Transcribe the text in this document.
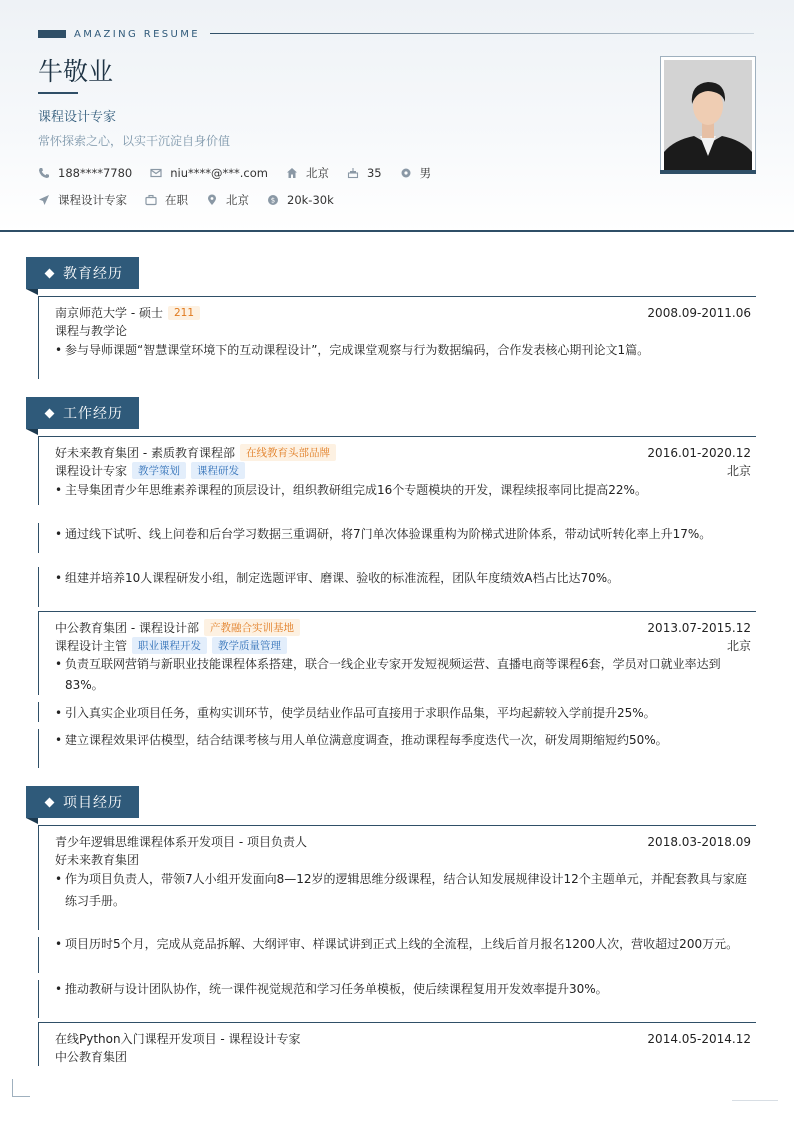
AMAZING RESUME
牛敬业
课程设计专家
常怀探索之心，以实干沉淀自身价值
188****7780	niu****@***.com	北京	35	男
课程设计专家	在职	北京	$ 20k-30k
教育经历
南京师范大学 - 硕士	211	2008.09-2011.06
课程与教学论
• 参与导师课题“智慧课堂环境下的互动课程设计”，完成课堂观察与行为数据编码，合作发表核心期刊论文1篇。
工作经历
好未来教育集团 - 素质教育课程部	在线教育头部品牌	2016.01-2020.12
课程设计专家	教学策划	课程研发	北京
• 主导集团青少年思维素养课程的顶层设计，组织教研组完成16个专题模块的开发，课程续报率同比提高22%。
• 通过线下试听、线上问卷和后台学习数据三重调研，将7门单次体验课重构为阶梯式进阶体系，带动试听转化率上升17%。
• 组建并培养10人课程研发小组，制定选题评审、磨课、验收的标准流程，团队年度绩效A档占比达70%。
中公教育集团 - 课程设计部	产教融合实训基地	2013.07-2015.12
课程设计主管	职业课程开发	教学质量管理	北京
• 负责互联网营销与新职业技能课程体系搭建，联合一线企业专家开发短视频运营、直播电商等课程6套，学员对口就业率达到
83%。
• 引入真实企业项目任务，重构实训环节，使学员结业作品可直接用于求职作品集，平均起薪较入学前提升25%。
• 建立课程效果评估模型，结合结课考核与用人单位满意度调查，推动课程每季度迭代一次，研发周期缩短约50%。
项目经历
青少年逻辑思维课程体系开发项目 - 项目负责人	2018.03-2018.09
好未来教育集团
• 作为项目负责人，带领7人小组开发面向8—12岁的逻辑思维分级课程，结合认知发展规律设计12个主题单元，并配套教具与家庭
练习手册。
• 项目历时5个月，完成从竞品拆解、大纲评审、样课试讲到正式上线的全流程，上线后首月报名1200人次，营收超过200万元。
• 推动教研与设计团队协作，统一课件视觉规范和学习任务单模板，使后续课程复用开发效率提升30%。
在线Python入门课程开发项目 - 课程设计专家	2014.05-2014.12
中公教育集团
